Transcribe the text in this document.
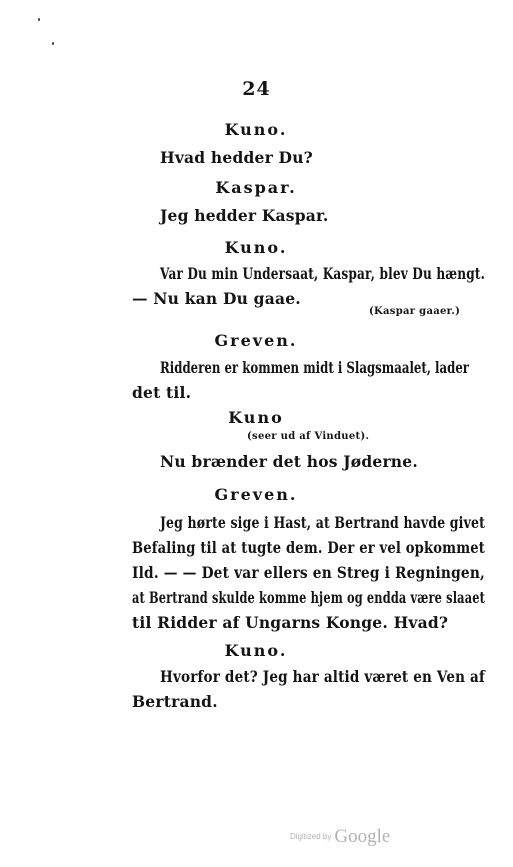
24
Kuno.
Hvad hedder Du?
Kaspar.
Jeg hedder Kaspar.
Kuno.
Var Du min Undersaat, Kaspar, blev Du hængt.
— Nu kan Du gaae.
(Kaspar gaaer.)
Greven.
Ridderen er kommen midt i Slagsmaalet, lader
det til.
Kuno
(seer ud af Vinduet).
Nu brænder det hos Jøderne.
Greven.
Jeg hørte sige i Hast, at Bertrand havde givet
Befaling til at tugte dem. Der er vel opkommet
Ild. — — Det var ellers en Streg i Regningen,
at Bertrand skulde komme hjem og endda være slaaet
til Ridder af Ungarns Konge. Hvad?
Kuno.
Hvorfor det? Jeg har altid været en Ven af
Bertrand.
Digitized by Google
